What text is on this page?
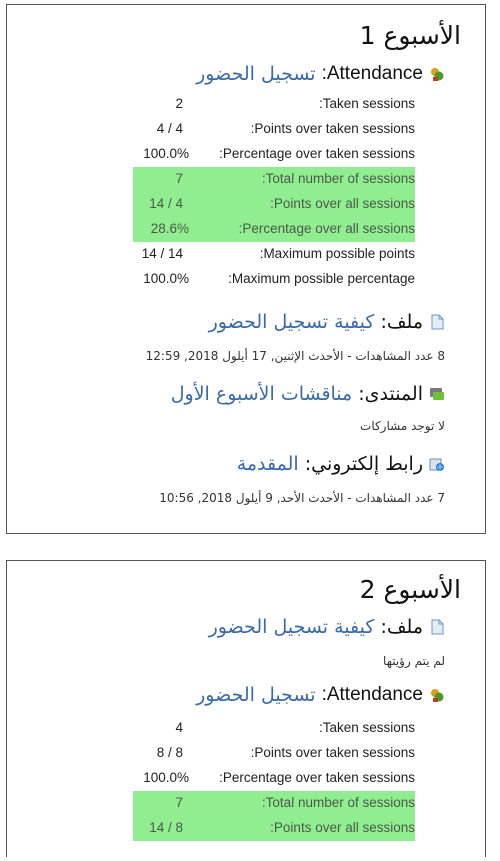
الأسبوع 1
Attendance:
تسجيل الحضور
2	:Taken sessions
4 / 4	:Points over taken sessions
100.0% :Percentage over taken sessions
7	:Total number of sessions
14 / 4	:Points over all sessions
28.6%	:Percentage over all sessions
14 / 14	:Maximum possible points
100.0%	:Maximum possible percentage
ملف:
كيفية تسجيل الحضور
8 عدد المشاهدات - الأحدث الإثنين, 17 أيلول 2018, 12:59
المنتدى:
مناقشات الأسبوع الأول
لا توجد مشاركات
رابط إلكتروني:
المقدمة
7 عدد المشاهدات - الأحدث الأحد, 9 أيلول 2018, 10:56
الأسبوع 2
ملف:
كيفية تسجيل الحضور
لم يتم رؤيتها
Attendance:
تسجيل الحضور
4	:Taken sessions
8 / 8	:Points over taken sessions
100.0% :Percentage over taken sessions
7	:Total number of sessions
14 / 8	:Points over all sessions
